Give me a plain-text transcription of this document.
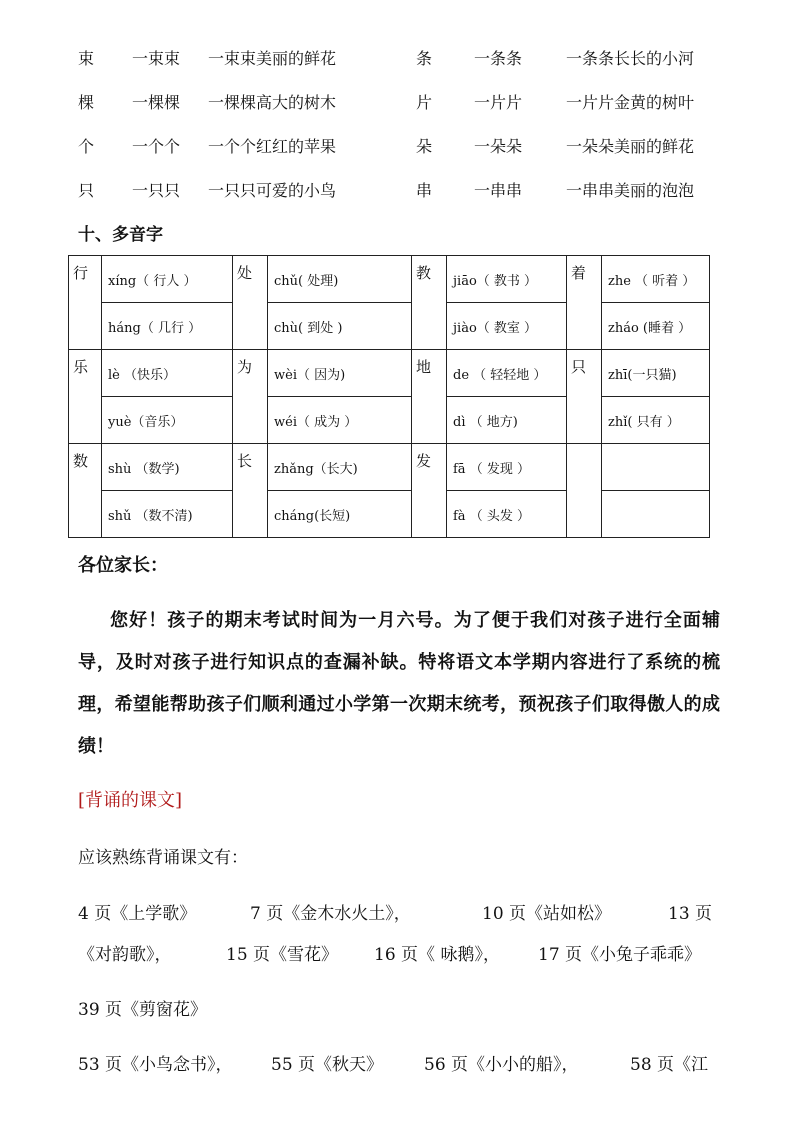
束 一束束 一束束美丽的鲜花	条	一条条	一条条长长的小河
棵 一棵棵 一棵棵高大的树木	片	一片片	一片片金黄的树叶
个 一个个 一个个红红的苹果	朵	一朵朵	一朵朵美丽的鲜花
只 一只只 一只只可爱的小鸟	串	一串串	一串串美丽的泡泡
十、多音字
行	xíng（ 行人 ）	处	chǔ( 处理)	教	jiāo（ 教书 ）	着	zhe （ 听着 ）
	háng（ 几行 ）		chù( 到处 )		jiào（ 教室 ）		zháo (睡着 ）
乐	lè （快乐）	为	wèi（ 因为)	地	de （ 轻轻地 ）	只	zhī(一只猫)
	yuè（音乐）		wéi（ 成为 ）		dì （ 地方)		zhǐ( 只有 ）
数	shù （数学)	长	zhǎng（长大)	发	fā （ 发现 ）		
	shǔ （数不清)		cháng(长短)		fà （ 头发 ）		
各位家长：
您好！孩子的期末考试时间为一月六号。为了便于我们对孩子进行全面辅导，及时对孩子进行知识点的查漏补缺。特将语文本学期内容进行了系统的梳理，希望能帮助孩子们顺利通过小学第一次期末统考，预祝孩子们取得傲人的成绩！
[背诵的课文]
应该熟练背诵课文有：
4 页《上学歌》	7 页《金木水火土》，	10 页《站如松》	13 页
《对韵歌》，	15 页《雪花》 16 页《 咏鹅》， 17 页《小兔子乖乖》
39 页《剪窗花》
53 页《小鸟念书》， 55 页《秋天》 56 页《小小的船》，	58 页《江
